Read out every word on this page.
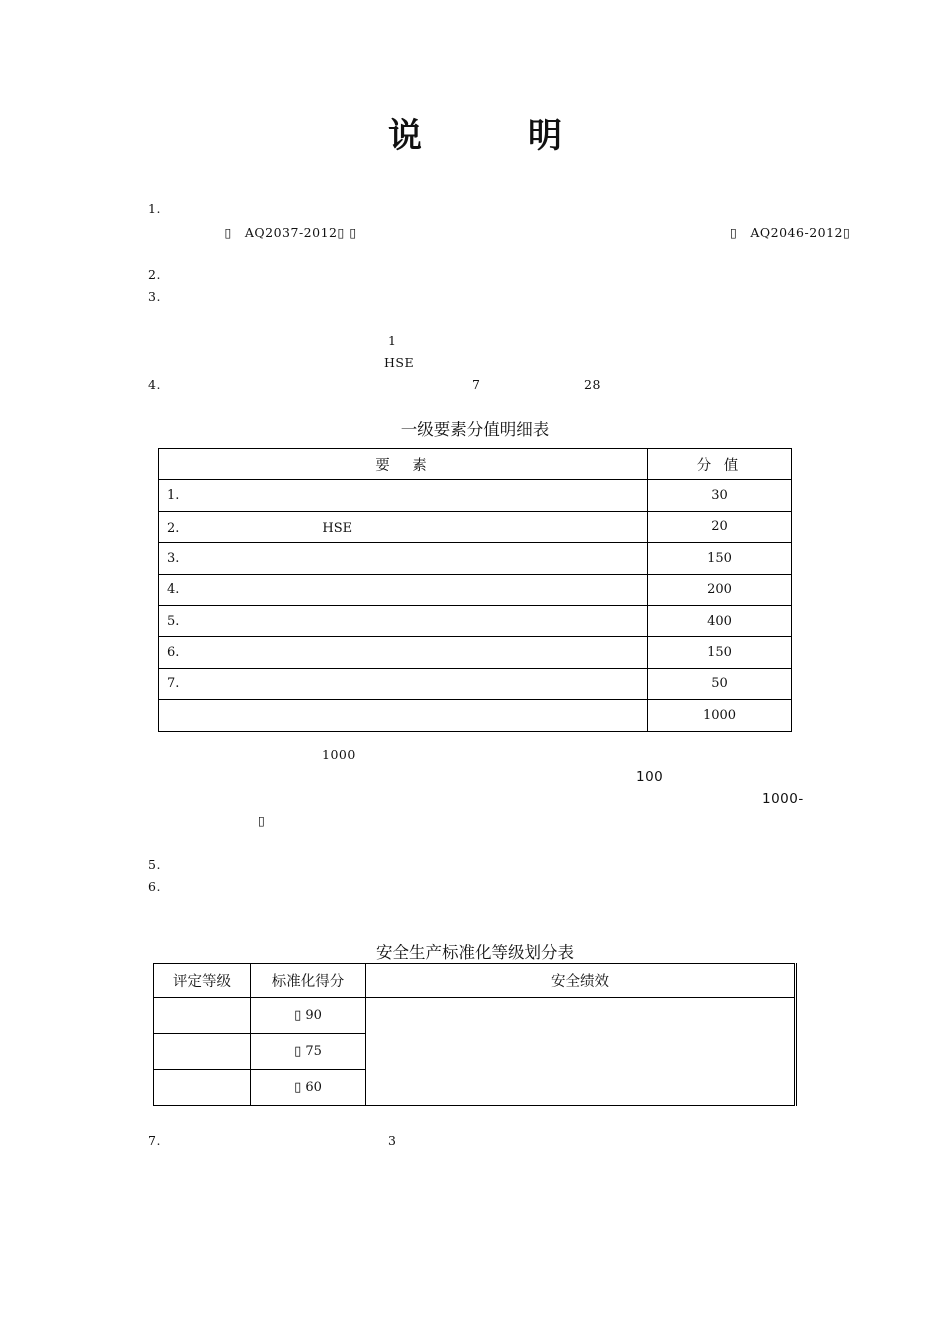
说　明
1.
　　　　　　　　 ▯　AQ2037-2012▯ ▯	▯　AQ2046-2012▯
2.
3.
1
HSE
4.	7	28
一级要素分值明细表
要　素	分 值
1.	30
2.　　　　　　　　　　　HSE	20
3.	150
4.	200
5.	400
6.	150
7.	50
	1000
1000
100
1000-
▯
5.
6.
安全生产标准化等级划分表
评定等级	标准化得分	安全绩效
	▯ 90	
	▯ 75	
	▯ 60	
7.	3
